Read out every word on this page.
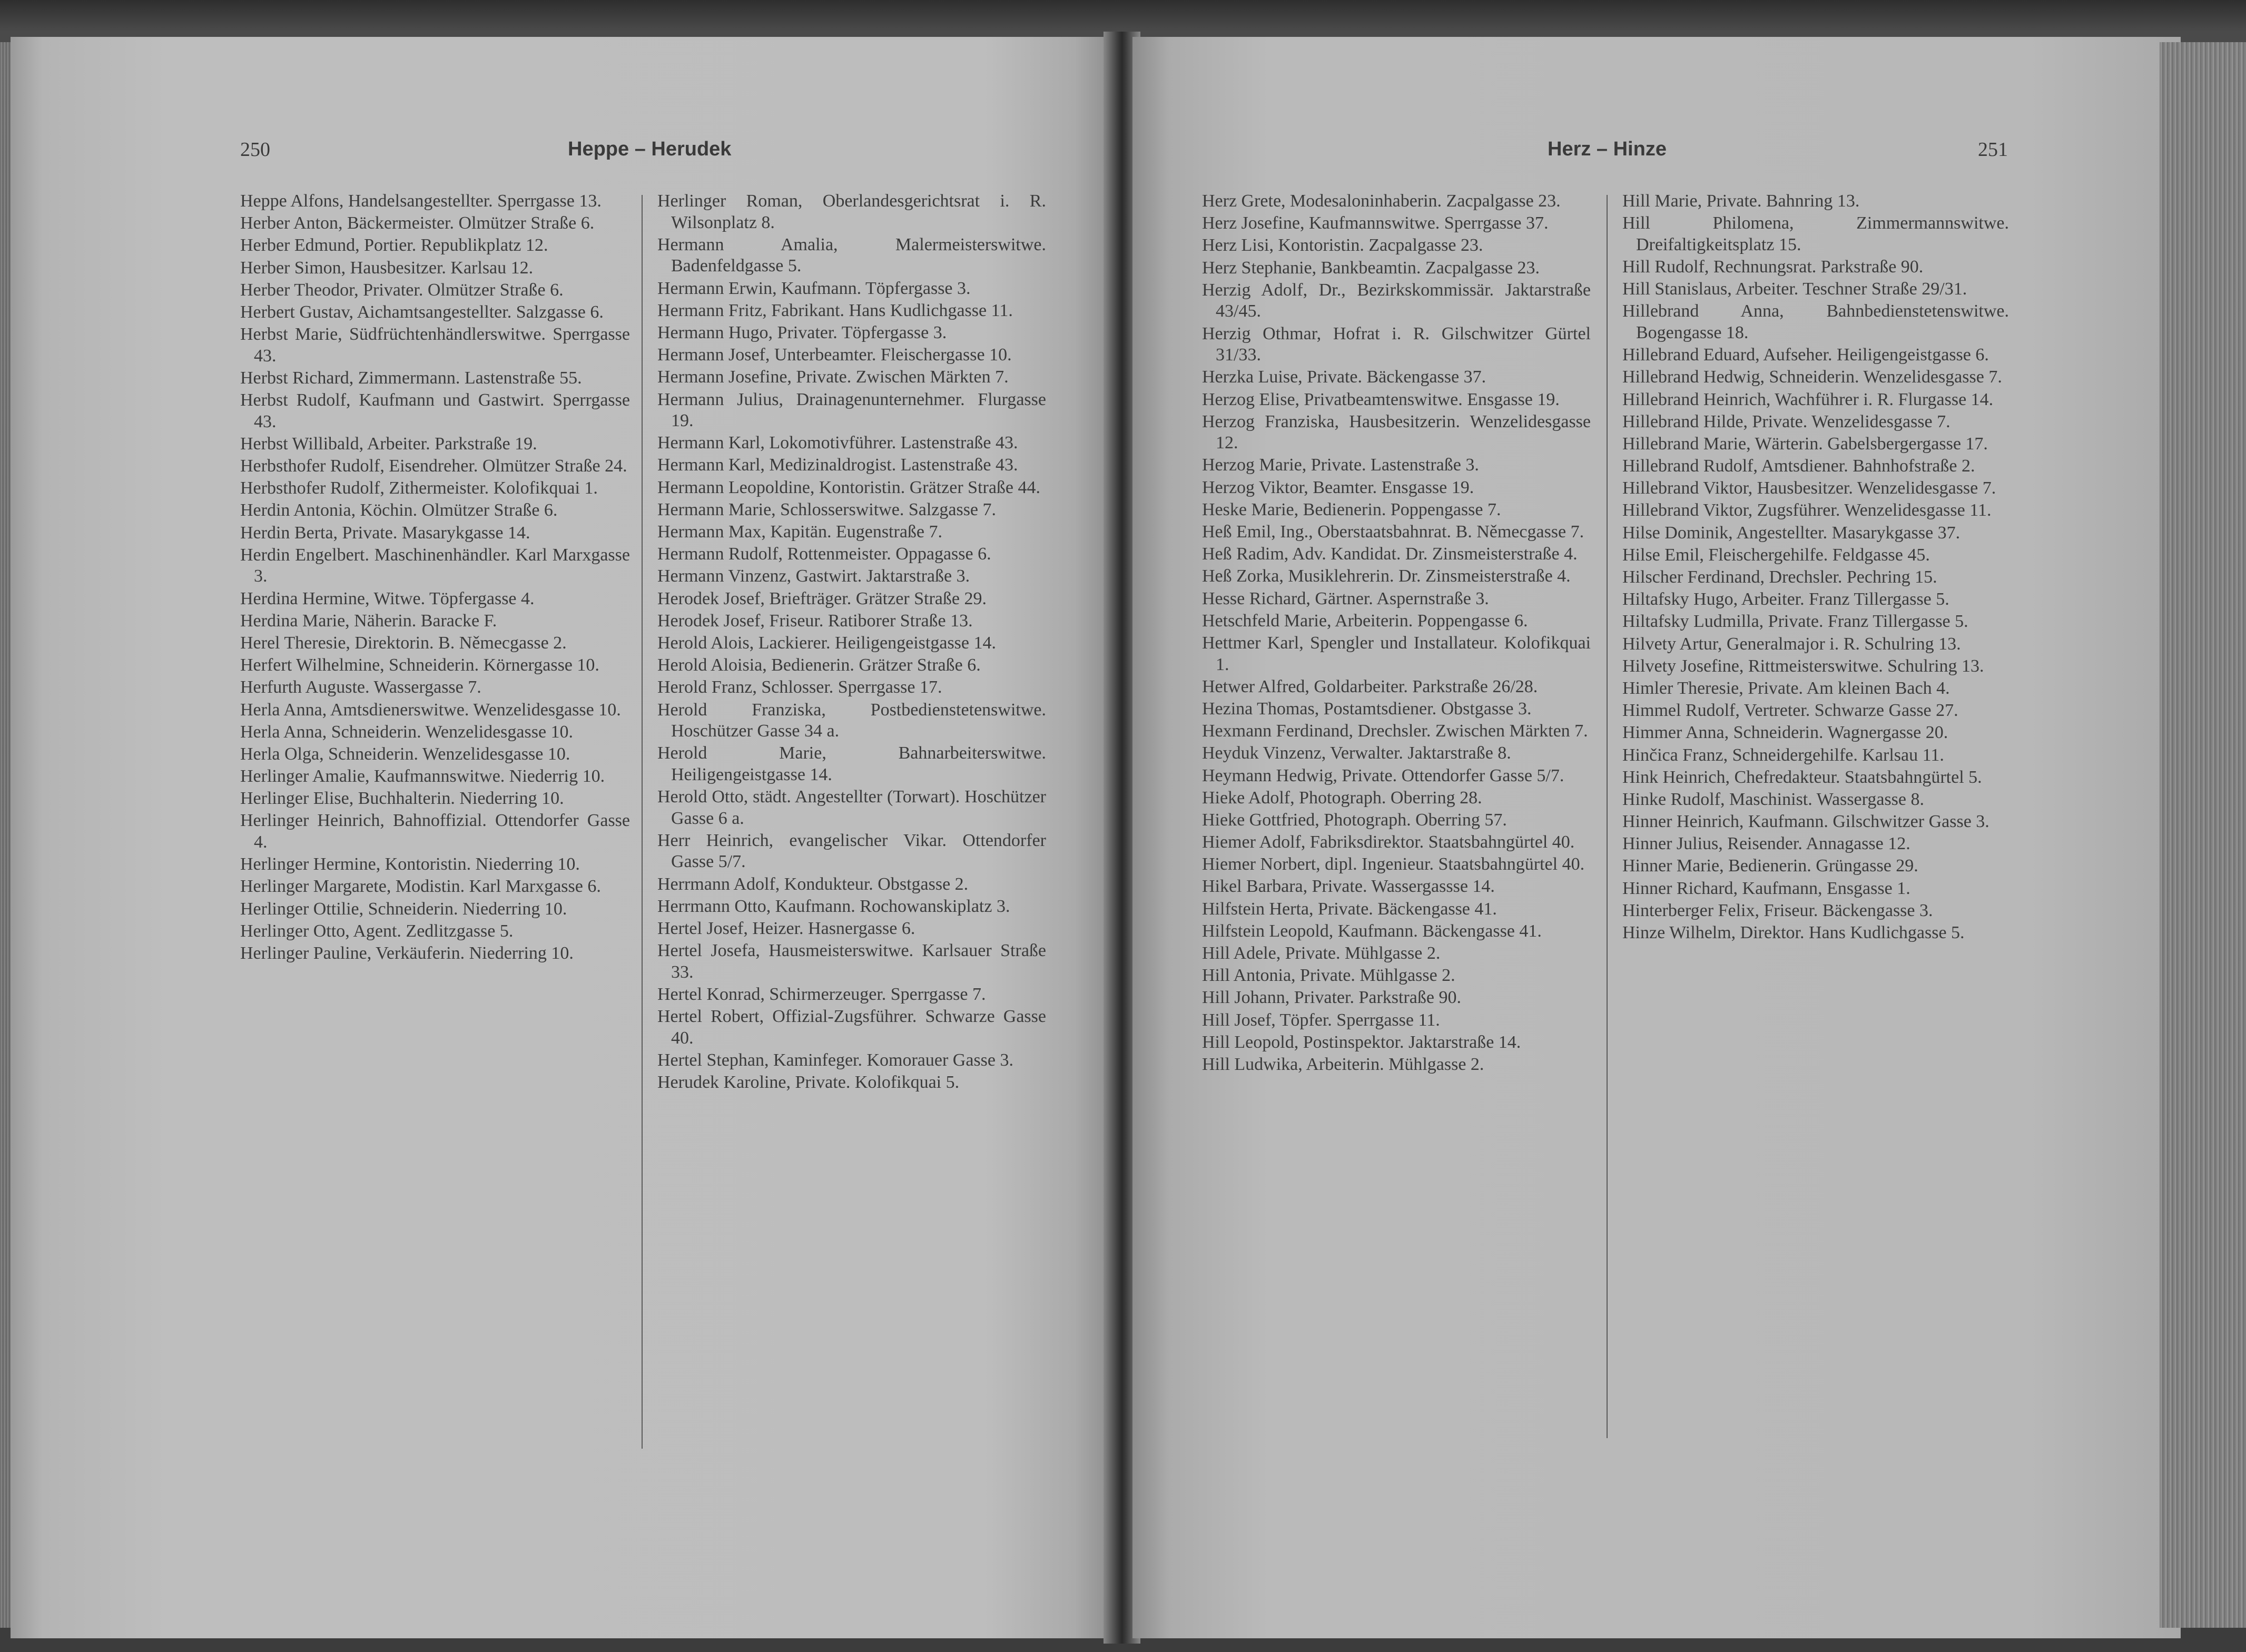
250	Heppe – Herudek	Herz – Hinze	251
Heppe Alfons, Handelsangestellter. Sperrgasse 13.
Herber Anton, Bäckermeister. Olmützer Straße 6.
Herber Edmund, Portier. Republikplatz 12.
Herber Simon, Hausbesitzer. Karlsau 12.
Herber Theodor, Privater. Olmützer Straße 6.
Herbert Gustav, Aichamtsangestellter. Salzgasse 6.
Herbst Marie, Südfrüchtenhändlerswitwe. Sperrgasse 43.
Herbst Richard, Zimmermann. Lastenstraße 55.
Herbst Rudolf, Kaufmann und Gastwirt. Sperrgasse 43.
Herbst Willibald, Arbeiter. Parkstraße 19.
Herbsthofer Rudolf, Eisendreher. Olmützer Straße 24.
Herbsthofer Rudolf, Zithermeister. Kolofikquai 1.
Herdin Antonia, Köchin. Olmützer Straße 6.
Herdin Berta, Private. Masarykgasse 14.
Herdin Engelbert. Maschinenhändler. Karl Marxgasse 3.
Herdina Hermine, Witwe. Töpfergasse 4.
Herdina Marie, Näherin. Baracke F.
Herel Theresie, Direktorin. B. Němecgasse 2.
Herfert Wilhelmine, Schneiderin. Körnergasse 10.
Herfurth Auguste. Wassergasse 7.
Herla Anna, Amtsdienerswitwe. Wenzelidesgasse 10.
Herla Anna, Schneiderin. Wenzelidesgasse 10.
Herla Olga, Schneiderin. Wenzelidesgasse 10.
Herlinger Amalie, Kaufmannswitwe. Niederrig 10.
Herlinger Elise, Buchhalterin. Niederring 10.
Herlinger Heinrich, Bahnoffizial. Ottendorfer Gasse 4.
Herlinger Hermine, Kontoristin. Niederring 10.
Herlinger Margarete, Modistin. Karl Marxgasse 6.
Herlinger Ottilie, Schneiderin. Niederring 10.
Herlinger Otto, Agent. Zedlitzgasse 5.
Herlinger Pauline, Verkäuferin. Niederring 10.
Herlinger Roman, Oberlandesgerichtsrat i. R. Wilsonplatz 8.
Hermann Amalia, Malermeisterswitwe. Badenfeldgasse 5.
Hermann Erwin, Kaufmann. Töpfergasse 3.
Hermann Fritz, Fabrikant. Hans Kudlichgasse 11.
Hermann Hugo, Privater. Töpfergasse 3.
Hermann Josef, Unterbeamter. Fleischergasse 10.
Hermann Josefine, Private. Zwischen Märkten 7.
Hermann Julius, Drainagenunternehmer. Flurgasse 19.
Hermann Karl, Lokomotivführer. Lastenstraße 43.
Hermann Karl, Medizinaldrogist. Lastenstraße 43.
Hermann Leopoldine, Kontoristin. Grätzer Straße 44.
Hermann Marie, Schlosserswitwe. Salzgasse 7.
Hermann Max, Kapitän. Eugenstraße 7.
Hermann Rudolf, Rottenmeister. Oppagasse 6.
Hermann Vinzenz, Gastwirt. Jaktarstraße 3.
Herodek Josef, Briefträger. Grätzer Straße 29.
Herodek Josef, Friseur. Ratiborer Straße 13.
Herold Alois, Lackierer. Heiligengeistgasse 14.
Herold Aloisia, Bedienerin. Grätzer Straße 6.
Herold Franz, Schlosser. Sperrgasse 17.
Herold Franziska, Postbedienstetenswitwe. Hoschützer Gasse 34 a.
Herold Marie, Bahnarbeiterswitwe. Heiligengeistgasse 14.
Herold Otto, städt. Angestellter (Torwart). Hoschützer Gasse 6 a.
Herr Heinrich, evangelischer Vikar. Ottendorfer Gasse 5/7.
Herrmann Adolf, Kondukteur. Obstgasse 2.
Herrmann Otto, Kaufmann. Rochowanskiplatz 3.
Hertel Josef, Heizer. Hasnergasse 6.
Hertel Josefa, Hausmeisterswitwe. Karlsauer Straße 33.
Hertel Konrad, Schirmerzeuger. Sperrgasse 7.
Hertel Robert, Offizial-Zugsführer. Schwarze Gasse 40.
Hertel Stephan, Kaminfeger. Komorauer Gasse 3.
Herudek Karoline, Private. Kolofikquai 5.
Herz Grete, Modesaloninhaberin. Zacpalgasse 23.
Herz Josefine, Kaufmannswitwe. Sperrgasse 37.
Herz Lisi, Kontoristin. Zacpalgasse 23.
Herz Stephanie, Bankbeamtin. Zacpalgasse 23.
Herzig Adolf, Dr., Bezirkskommissär. Jaktarstraße 43/45.
Herzig Othmar, Hofrat i. R. Gilschwitzer Gürtel 31/33.
Herzka Luise, Private. Bäckengasse 37.
Herzog Elise, Privatbeamtenswitwe. Ensgasse 19.
Herzog Franziska, Hausbesitzerin. Wenzelidesgasse 12.
Herzog Marie, Private. Lastenstraße 3.
Herzog Viktor, Beamter. Ensgasse 19.
Heske Marie, Bedienerin. Poppengasse 7.
Heß Emil, Ing., Oberstaatsbahnrat. B. Němecgasse 7.
Heß Radim, Adv. Kandidat. Dr. Zinsmeisterstraße 4.
Heß Zorka, Musiklehrerin. Dr. Zinsmeisterstraße 4.
Hesse Richard, Gärtner. Aspernstraße 3.
Hetschfeld Marie, Arbeiterin. Poppengasse 6.
Hettmer Karl, Spengler und Installateur. Kolofikquai 1.
Hetwer Alfred, Goldarbeiter. Parkstraße 26/28.
Hezina Thomas, Postamtsdiener. Obstgasse 3.
Hexmann Ferdinand, Drechsler. Zwischen Märkten 7.
Heyduk Vinzenz, Verwalter. Jaktarstraße 8.
Heymann Hedwig, Private. Ottendorfer Gasse 5/7.
Hieke Adolf, Photograph. Oberring 28.
Hieke Gottfried, Photograph. Oberring 57.
Hiemer Adolf, Fabriksdirektor. Staatsbahngürtel 40.
Hiemer Norbert, dipl. Ingenieur. Staatsbahngürtel 40.
Hikel Barbara, Private. Wassergassse 14.
Hilfstein Herta, Private. Bäckengasse 41.
Hilfstein Leopold, Kaufmann. Bäckengasse 41.
Hill Adele, Private. Mühlgasse 2.
Hill Antonia, Private. Mühlgasse 2.
Hill Johann, Privater. Parkstraße 90.
Hill Josef, Töpfer. Sperrgasse 11.
Hill Leopold, Postinspektor. Jaktarstraße 14.
Hill Ludwika, Arbeiterin. Mühlgasse 2.
Hill Marie, Private. Bahnring 13.
Hill Philomena, Zimmermannswitwe. Dreifaltigkeitsplatz 15.
Hill Rudolf, Rechnungsrat. Parkstraße 90.
Hill Stanislaus, Arbeiter. Teschner Straße 29/31.
Hillebrand Anna, Bahnbedienstetenswitwe. Bogengasse 18.
Hillebrand Eduard, Aufseher. Heiligengeistgasse 6.
Hillebrand Hedwig, Schneiderin. Wenzelidesgasse 7.
Hillebrand Heinrich, Wachführer i. R. Flurgasse 14.
Hillebrand Hilde, Private. Wenzelidesgasse 7.
Hillebrand Marie, Wärterin. Gabelsbergergasse 17.
Hillebrand Rudolf, Amtsdiener. Bahnhofstraße 2.
Hillebrand Viktor, Hausbesitzer. Wenzelidesgasse 7.
Hillebrand Viktor, Zugsführer. Wenzelidesgasse 11.
Hilse Dominik, Angestellter. Masarykgasse 37.
Hilse Emil, Fleischergehilfe. Feldgasse 45.
Hilscher Ferdinand, Drechsler. Pechring 15.
Hiltafsky Hugo, Arbeiter. Franz Tillergasse 5.
Hiltafsky Ludmilla, Private. Franz Tillergasse 5.
Hilvety Artur, Generalmajor i. R. Schulring 13.
Hilvety Josefine, Rittmeisterswitwe. Schulring 13.
Himler Theresie, Private. Am kleinen Bach 4.
Himmel Rudolf, Vertreter. Schwarze Gasse 27.
Himmer Anna, Schneiderin. Wagnergasse 20.
Hinčica Franz, Schneidergehilfe. Karlsau 11.
Hink Heinrich, Chefredakteur. Staatsbahngürtel 5.
Hinke Rudolf, Maschinist. Wassergasse 8.
Hinner Heinrich, Kaufmann. Gilschwitzer Gasse 3.
Hinner Julius, Reisender. Annagasse 12.
Hinner Marie, Bedienerin. Grüngasse 29.
Hinner Richard, Kaufmann, Ensgasse 1.
Hinterberger Felix, Friseur. Bäckengasse 3.
Hinze Wilhelm, Direktor. Hans Kudlichgasse 5.
